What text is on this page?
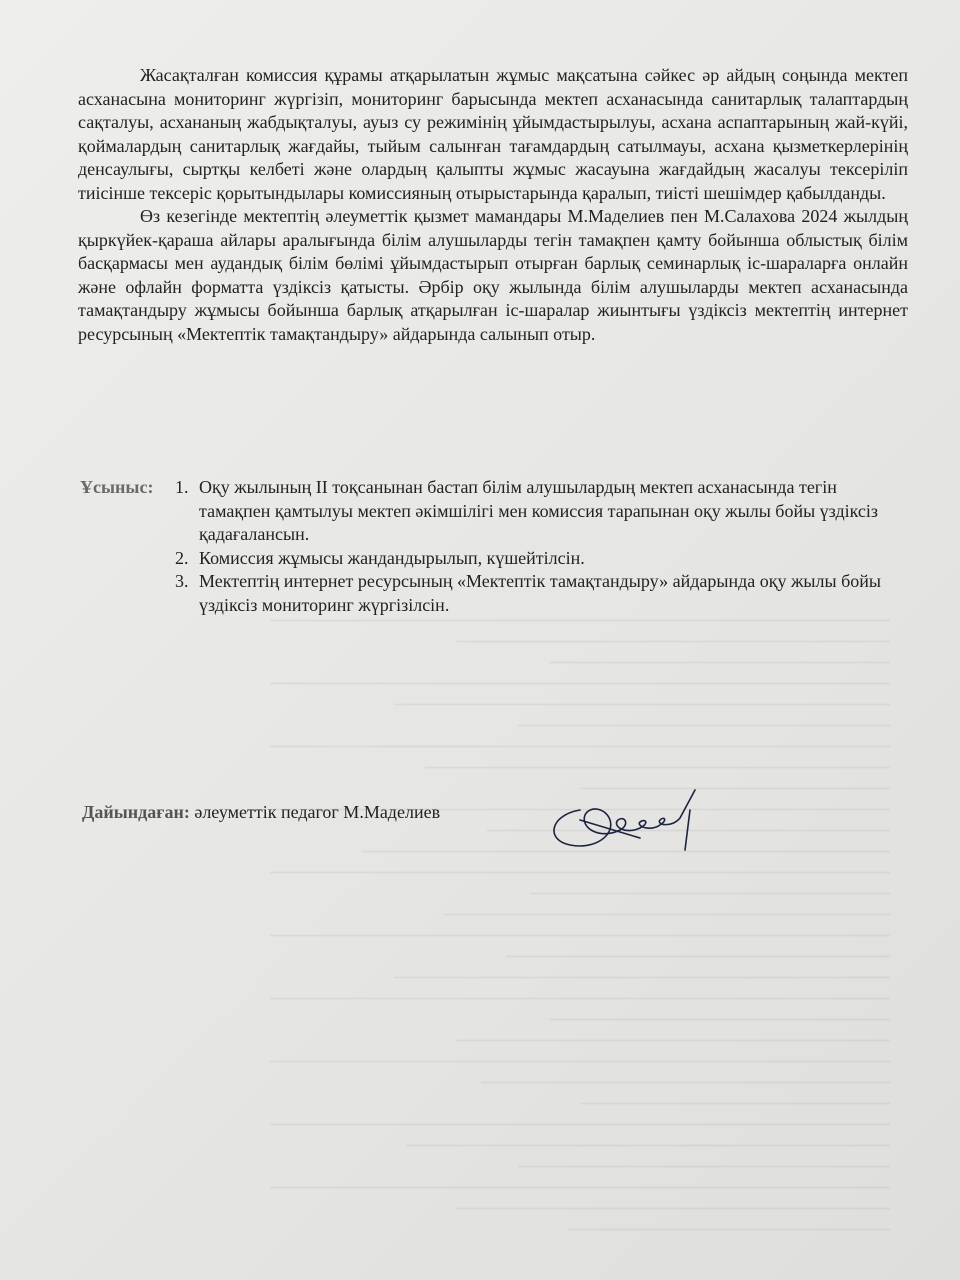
Жасақталған комиссия құрамы атқарылатын жұмыс мақсатына сәйкес әр айдың соңында мектеп асханасына мониторинг жүргізіп, мониторинг барысында мектеп асханасында санитарлық талаптардың сақталуы, асхананың жабдықталуы, ауыз су режимінің ұйымдастырылуы, асхана аспаптарының жай-күйі, қоймалардың санитарлық жағдайы, тыйым салынған тағамдардың сатылмауы, асхана қызметкерлерінің денсаулығы, сыртқы келбеті және олардың қалыпты жұмыс жасауына жағдайдың жасалуы тексеріліп тиісінше тексеріс қорытындылары комиссияның отырыстарында қаралып, тиісті шешімдер қабылданды.

Өз кезегінде мектептің әлеуметтік қызмет мамандары М.Маделиев пен М.Салахова 2024 жылдың қыркүйек-қараша айлары аралығында білім алушыларды тегін тамақпен қамту бойынша облыстық білім басқармасы мен аудандық білім бөлімі ұйымдастырып отырған барлық семинарлық іс-шараларға онлайн және офлайн форматта үздіксіз қатысты. Әрбір оқу жылында білім алушыларды мектеп асханасында тамақтандыру жұмысы бойынша барлық атқарылған іс-шаралар жиынтығы үздіксіз мектептің интернет ресурсының «Мектептік тамақтандыру» айдарында салынып отыр.

Ұсыныс: 1. Оқу жылының ІІ тоқсанынан бастап білім алушылардың мектеп асханасында тегін тамақпен қамтылуы мектеп әкімшілігі мен комиссия тарапынан оқу жылы бойы үздіксіз қадағалансын.
2. Комиссия жұмысы жандандырылып, күшейтілсін.
3. Мектептің интернет ресурсының «Мектептік тамақтандыру» айдарында оқу жылы бойы үздіксіз мониторинг жүргізілсін.
Дайындаған: әлеуметтік педагог М.Маделиев
